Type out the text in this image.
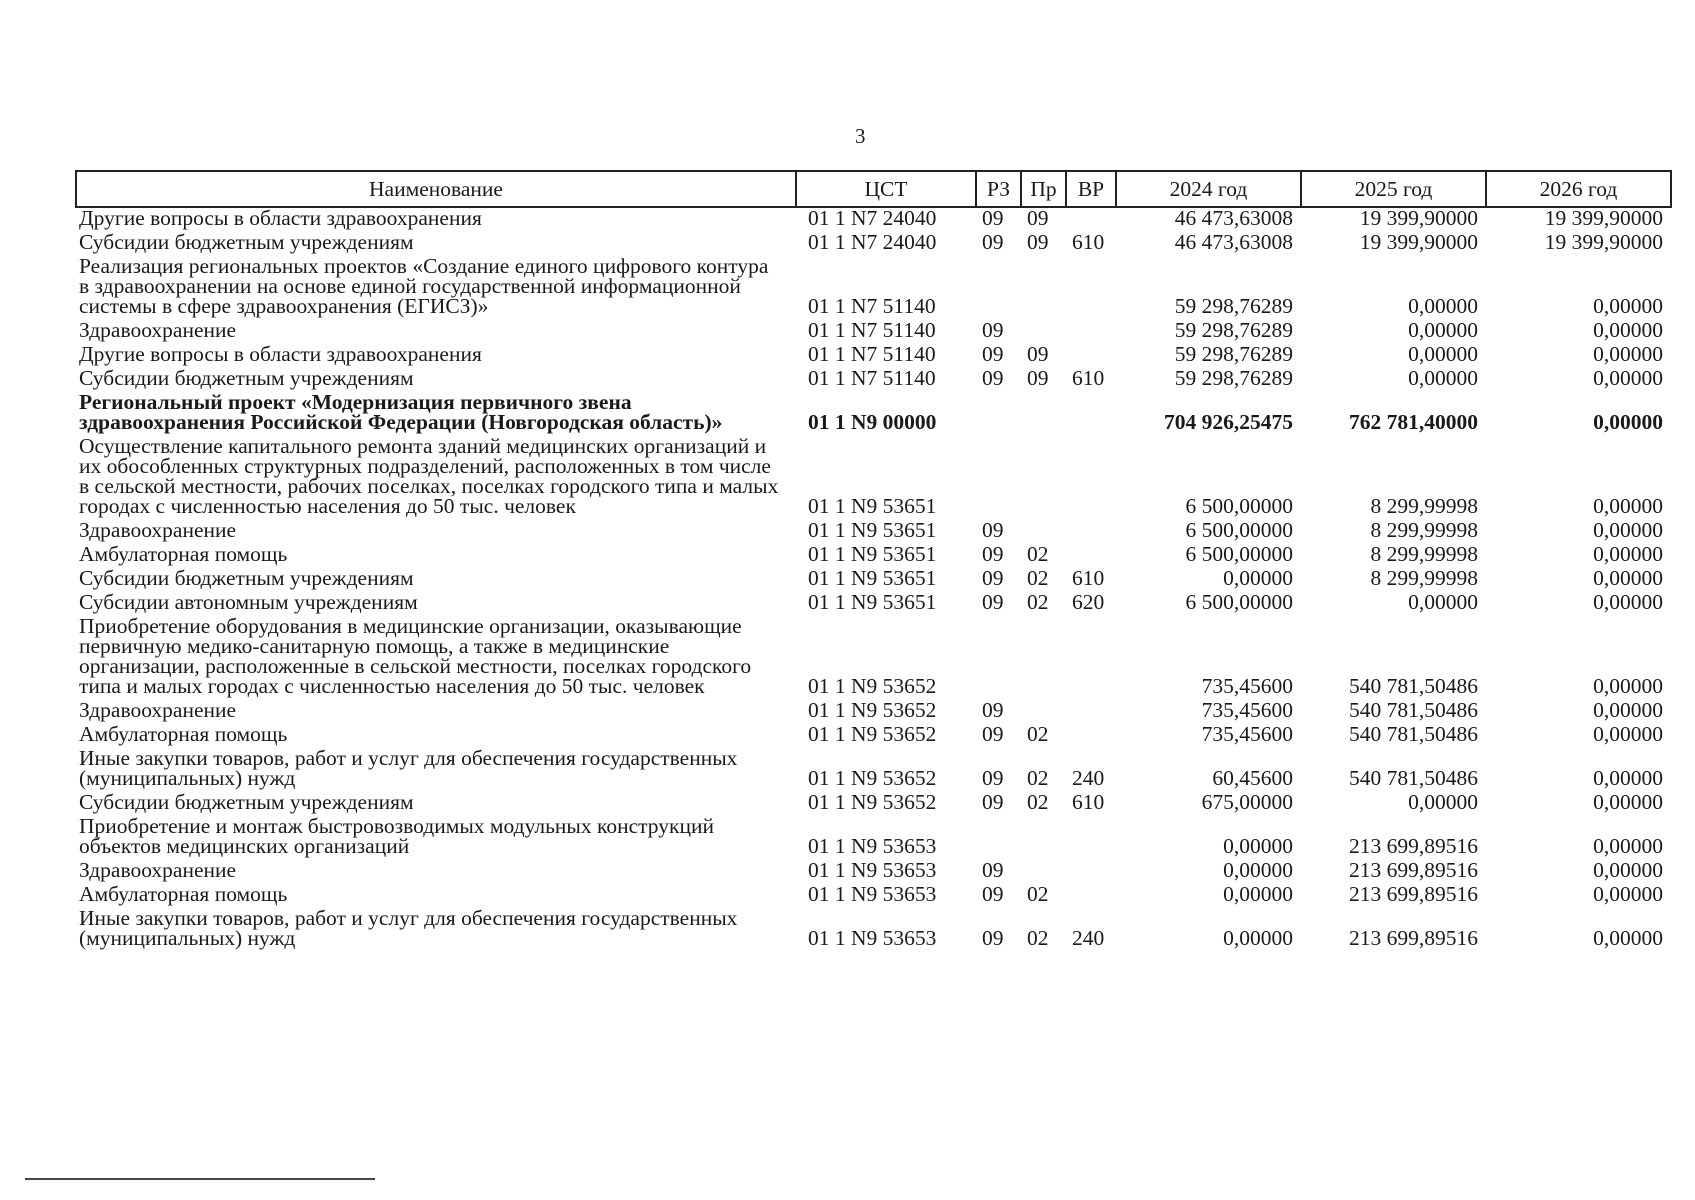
3
Наименование	ЦСТ	РЗ	Пр	ВР	2024 год	2025 год	2026 год
Другие вопросы в области здравоохранения	01 1 N7 24040	09	09		46 473,63008	19 399,90000	19 399,90000
Субсидии бюджетным учреждениям	01 1 N7 24040	09	09	610	46 473,63008	19 399,90000	19 399,90000
Реализация региональных проектов «Создание единого цифрового контура в здравоохранении на основе единой государственной информационной системы в сфере здравоохранения (ЕГИСЗ)»	01 1 N7 51140				59 298,76289	0,00000	0,00000
Здравоохранение	01 1 N7 51140	09			59 298,76289	0,00000	0,00000
Другие вопросы в области здравоохранения	01 1 N7 51140	09	09		59 298,76289	0,00000	0,00000
Субсидии бюджетным учреждениям	01 1 N7 51140	09	09	610	59 298,76289	0,00000	0,00000
Региональный проект «Модернизация первичного звена здравоохранения Российской Федерации (Новгородская область)»	01 1 N9 00000				704 926,25475	762 781,40000	0,00000
Осуществление капитального ремонта зданий медицинских организаций и их обособленных структурных подразделений, расположенных в том числе в сельской местности, рабочих поселках, поселках городского типа и малых городах с численностью населения до 50 тыс. человек	01 1 N9 53651				6 500,00000	8 299,99998	0,00000
Здравоохранение	01 1 N9 53651	09			6 500,00000	8 299,99998	0,00000
Амбулаторная помощь	01 1 N9 53651	09	02		6 500,00000	8 299,99998	0,00000
Субсидии бюджетным учреждениям	01 1 N9 53651	09	02	610	0,00000	8 299,99998	0,00000
Субсидии автономным учреждениям	01 1 N9 53651	09	02	620	6 500,00000	0,00000	0,00000
Приобретение оборудования в медицинские организации, оказывающие первичную медико-санитарную помощь, а также в медицинские организации, расположенные в сельской местности, поселках городского типа и малых городах с численностью населения до 50 тыс. человек	01 1 N9 53652				735,45600	540 781,50486	0,00000
Здравоохранение	01 1 N9 53652	09			735,45600	540 781,50486	0,00000
Амбулаторная помощь	01 1 N9 53652	09	02		735,45600	540 781,50486	0,00000
Иные закупки товаров, работ и услуг для обеспечения государственных (муниципальных) нужд	01 1 N9 53652	09	02	240	60,45600	540 781,50486	0,00000
Субсидии бюджетным учреждениям	01 1 N9 53652	09	02	610	675,00000	0,00000	0,00000
Приобретение и монтаж быстровозводимых модульных конструкций объектов медицинских организаций	01 1 N9 53653				0,00000	213 699,89516	0,00000
Здравоохранение	01 1 N9 53653	09			0,00000	213 699,89516	0,00000
Амбулаторная помощь	01 1 N9 53653	09	02		0,00000	213 699,89516	0,00000
Иные закупки товаров, работ и услуг для обеспечения государственных (муниципальных) нужд	01 1 N9 53653	09	02	240	0,00000	213 699,89516	0,00000
